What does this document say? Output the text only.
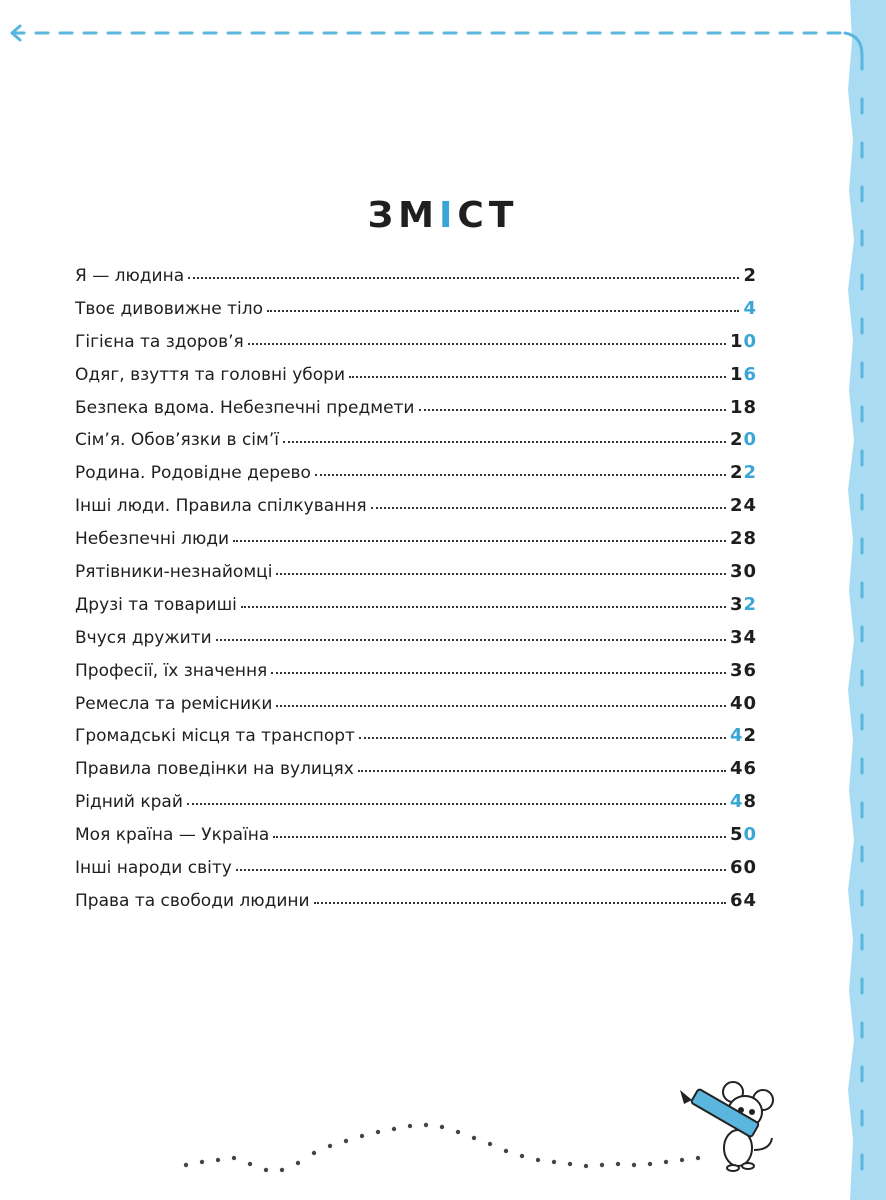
ЗМІСТ
Я — людина	2
Твоє дивовижне тіло	4
Гігієна та здоров’я	10
Одяг, взуття та головні убори	16
Безпека вдома. Небезпечні предмети	18
Сім’я. Обов’язки в сім’ї	20
Родина. Родовідне дерево	22
Інші люди. Правила спілкування	24
Небезпечні люди	28
Рятівники-незнайомці	30
Друзі та товариші	32
Вчуся дружити	34
Професії, їх значення	36
Ремесла та ремісники	40
Громадські місця та транспорт	42
Правила поведінки на вулицях	46
Рідний край	48
Моя країна — Україна	50
Інші народи світу	60
Права та свободи людини	64
